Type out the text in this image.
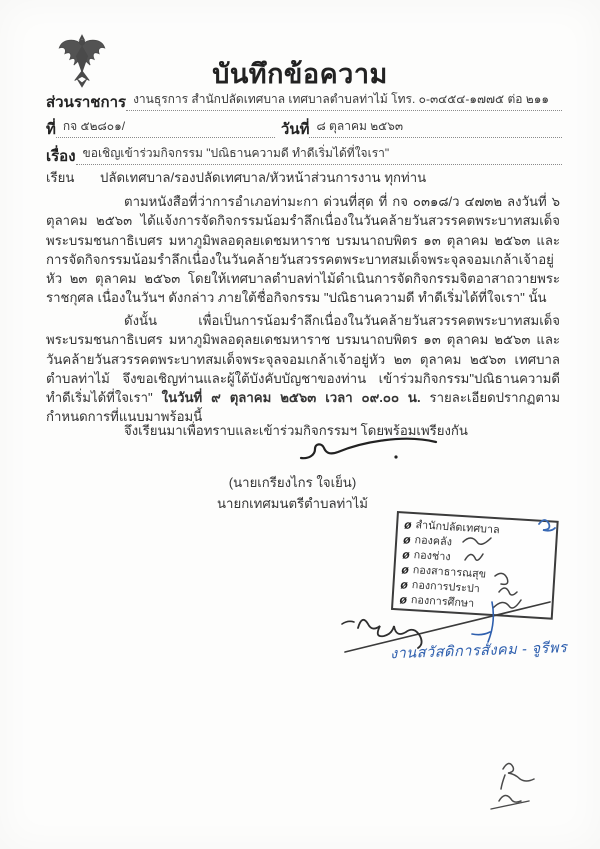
บันทึกข้อความ
ส่วนราชการ งานธุรการ สำนักปลัดเทศบาล เทศบาลตำบลท่าไม้ โทร. ๐-๓๔๕๔-๑๗๗๕ ต่อ ๒๑๑
ที่ กจ ๕๒๘๐๑/	วันที่ ๘ ตุลาคม ๒๕๖๓
เรื่อง ขอเชิญเข้าร่วมกิจกรรม "ปณิธานความดี ทำดีเริ่มได้ที่ใจเรา"
เรียน ปลัดเทศบาล/รองปลัดเทศบาล/หัวหน้าส่วนการงาน ทุกท่าน
ตามหนังสือที่ว่าการอำเภอท่ามะกา ด่วนที่สุด ที่ กจ ๐๓๑๘/ว ๔๗๓๒ ลงวันที่ ๖ ตุลาคม ๒๕๖๓ ได้แจ้งการจัดกิจกรรมน้อมรำลึกเนื่องในวันคล้ายวันสวรรคตพระบาทสมเด็จพระบรมชนกาธิเบศร มหาภูมิพลอดุลยเดชมหาราช บรมนาถบพิตร ๑๓ ตุลาคม ๒๕๖๓ และการจัดกิจกรรมน้อมรำลึกเนื่องในวันคล้ายวันสวรรคตพระบาทสมเด็จพระจุลจอมเกล้าเจ้าอยู่หัว ๒๓ ตุลาคม ๒๕๖๓ โดยให้เทศบาลตำบลท่าไม้ดำเนินการจัดกิจกรรมจิตอาสาถวายพระราชกุศล เนื่องในวันฯ ดังกล่าว ภายใต้ชื่อกิจกรรม "ปณิธานความดี ทำดีเริ่มได้ที่ใจเรา" นั้น
ดังนั้น เพื่อเป็นการน้อมรำลึกเนื่องในวันคล้ายวันสวรรคตพระบาทสมเด็จพระบรมชนกาธิเบศร มหาภูมิพลอดุลยเดชมหาราช บรมนาถบพิตร ๑๓ ตุลาคม ๒๕๖๓ และวันคล้ายวันสวรรคตพระบาทสมเด็จพระจุลจอมเกล้าเจ้าอยู่หัว ๒๓ ตุลาคม ๒๕๖๓ เทศบาลตำบลท่าไม้ จึงขอเชิญท่านและผู้ใต้บังคับบัญชาของท่าน เข้าร่วมกิจกรรม"ปณิธานความดี ทำดีเริ่มได้ที่ใจเรา" ในวันที่ ๙ ตุลาคม ๒๕๖๓ เวลา ๐๙.๐๐ น. รายละเอียดปรากฏตามกำหนดการที่แนบมาพร้อมนี้
จึงเรียนมาเพื่อทราบและเข้าร่วมกิจกรรมฯ โดยพร้อมเพรียงกัน
(นายเกรียงไกร ใจเย็น)
นายกเทศมนตรีตำบลท่าไม้
ø สำนักปลัดเทศบาล
ø กองคลัง
ø กองช่าง
ø กองสาธารณสุข
ø กองการประปา
ø กองการศึกษา
งานสวัสดิการสังคม - จูรีพร
